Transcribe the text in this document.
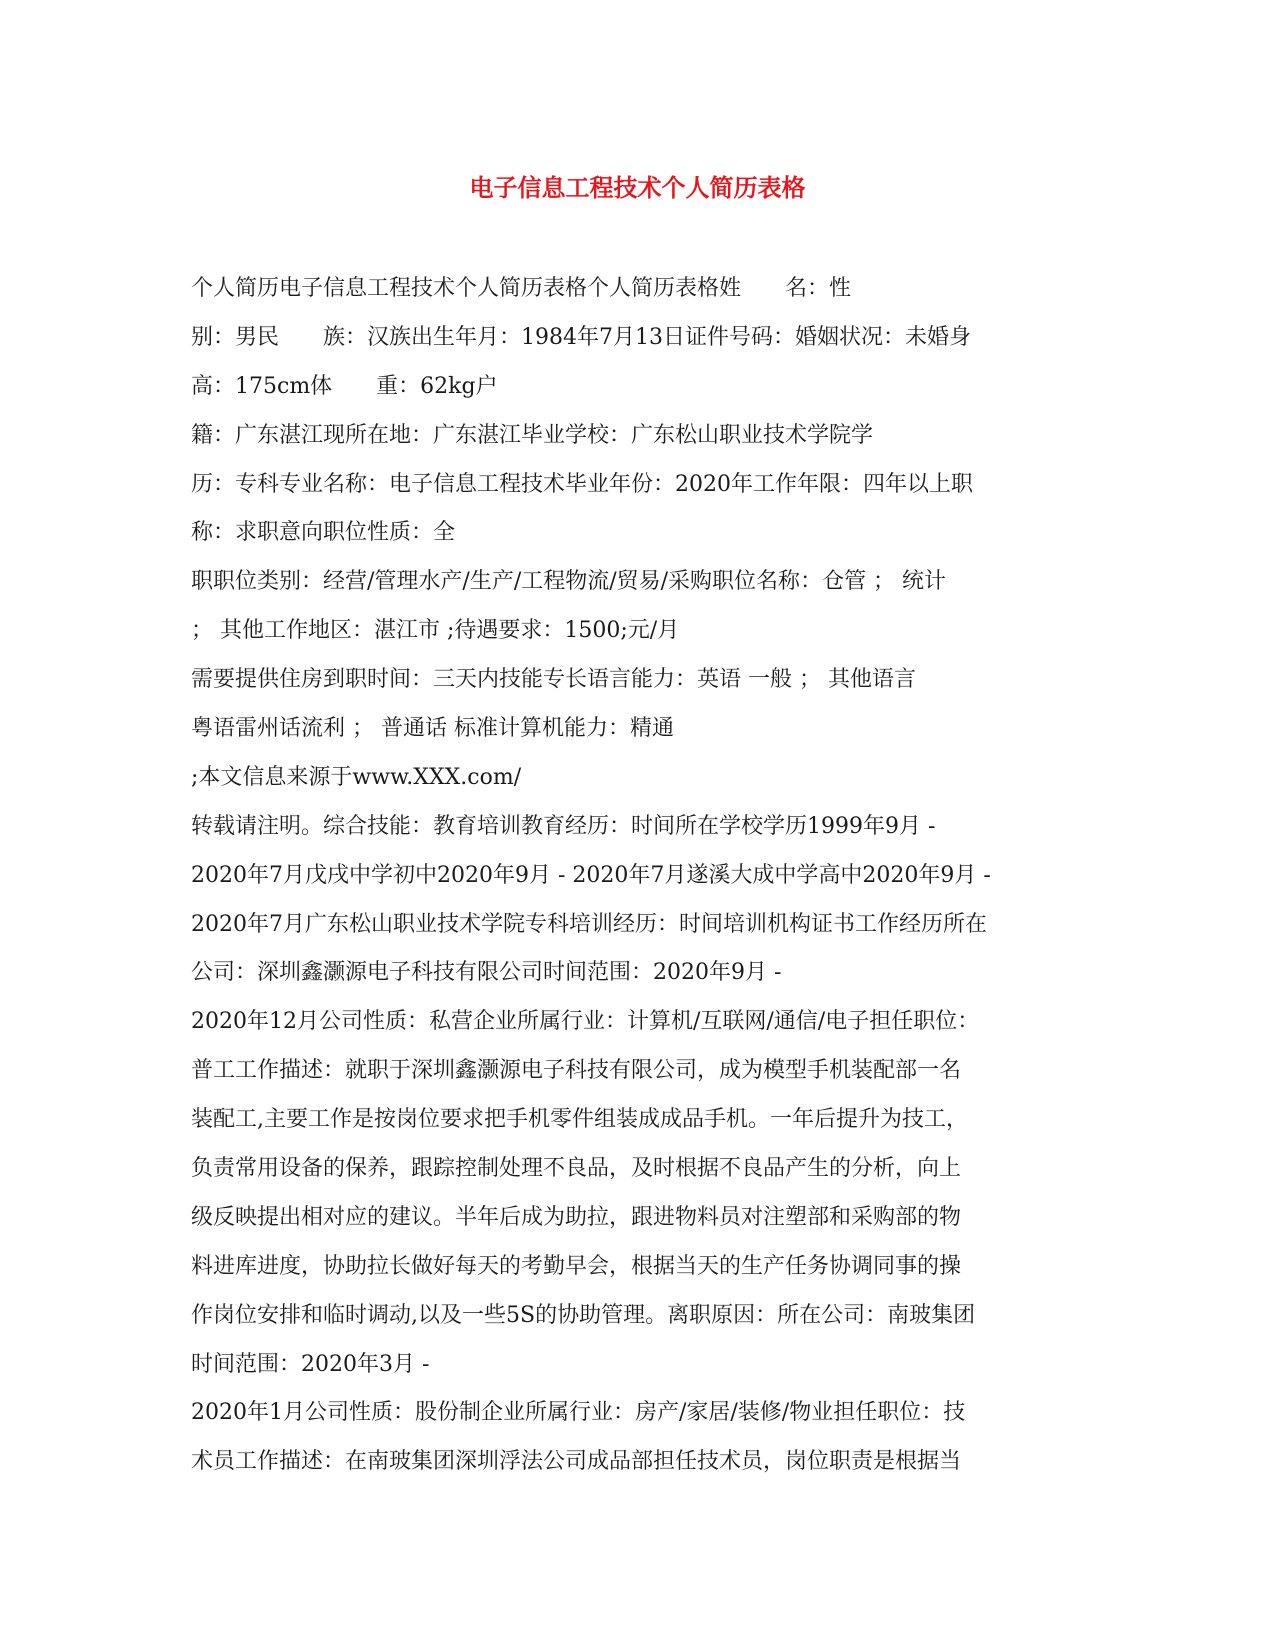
电子信息工程技术个人简历表格
个人简历电子信息工程技术个人简历表格个人简历表格姓　　名：性
别：男民　　族：汉族出生年月：1984年7月13日证件号码：婚姻状况：未婚身
高：175cm体　　重：62kg户
籍：广东湛江现所在地：广东湛江毕业学校：广东松山职业技术学院学
历：专科专业名称：电子信息工程技术毕业年份：2020年工作年限：四年以上职
称：求职意向职位性质：全
职职位类别：经营/管理水产/生产/工程物流/贸易/采购职位名称：仓管 ； 统计
； 其他工作地区：湛江市 ;待遇要求：1500;元/月
需要提供住房到职时间：三天内技能专长语言能力：英语 一般 ； 其他语言
粤语雷州话流利 ； 普通话 标准计算机能力：精通
;本文信息来源于www.XXX.com/
转载请注明。综合技能：教育培训教育经历：时间所在学校学历1999年9月 -
2020年7月戊戌中学初中2020年9月 - 2020年7月遂溪大成中学高中2020年9月 -
2020年7月广东松山职业技术学院专科培训经历：时间培训机构证书工作经历所在
公司：深圳鑫灏源电子科技有限公司时间范围：2020年9月 -
2020年12月公司性质：私营企业所属行业：计算机/互联网/通信/电子担任职位：
普工工作描述：就职于深圳鑫灏源电子科技有限公司，成为模型手机装配部一名
装配工,主要工作是按岗位要求把手机零件组装成成品手机。一年后提升为技工，
负责常用设备的保养，跟踪控制处理不良品，及时根据不良品产生的分析，向上
级反映提出相对应的建议。半年后成为助拉，跟进物料员对注塑部和采购部的物
料进库进度，协助拉长做好每天的考勤早会，根据当天的生产任务协调同事的操
作岗位安排和临时调动,以及一些5S的协助管理。离职原因：所在公司：南玻集团
时间范围：2020年3月 -
2020年1月公司性质：股份制企业所属行业：房产/家居/装修/物业担任职位：技
术员工作描述：在南玻集团深圳浮法公司成品部担任技术员，岗位职责是根据当
